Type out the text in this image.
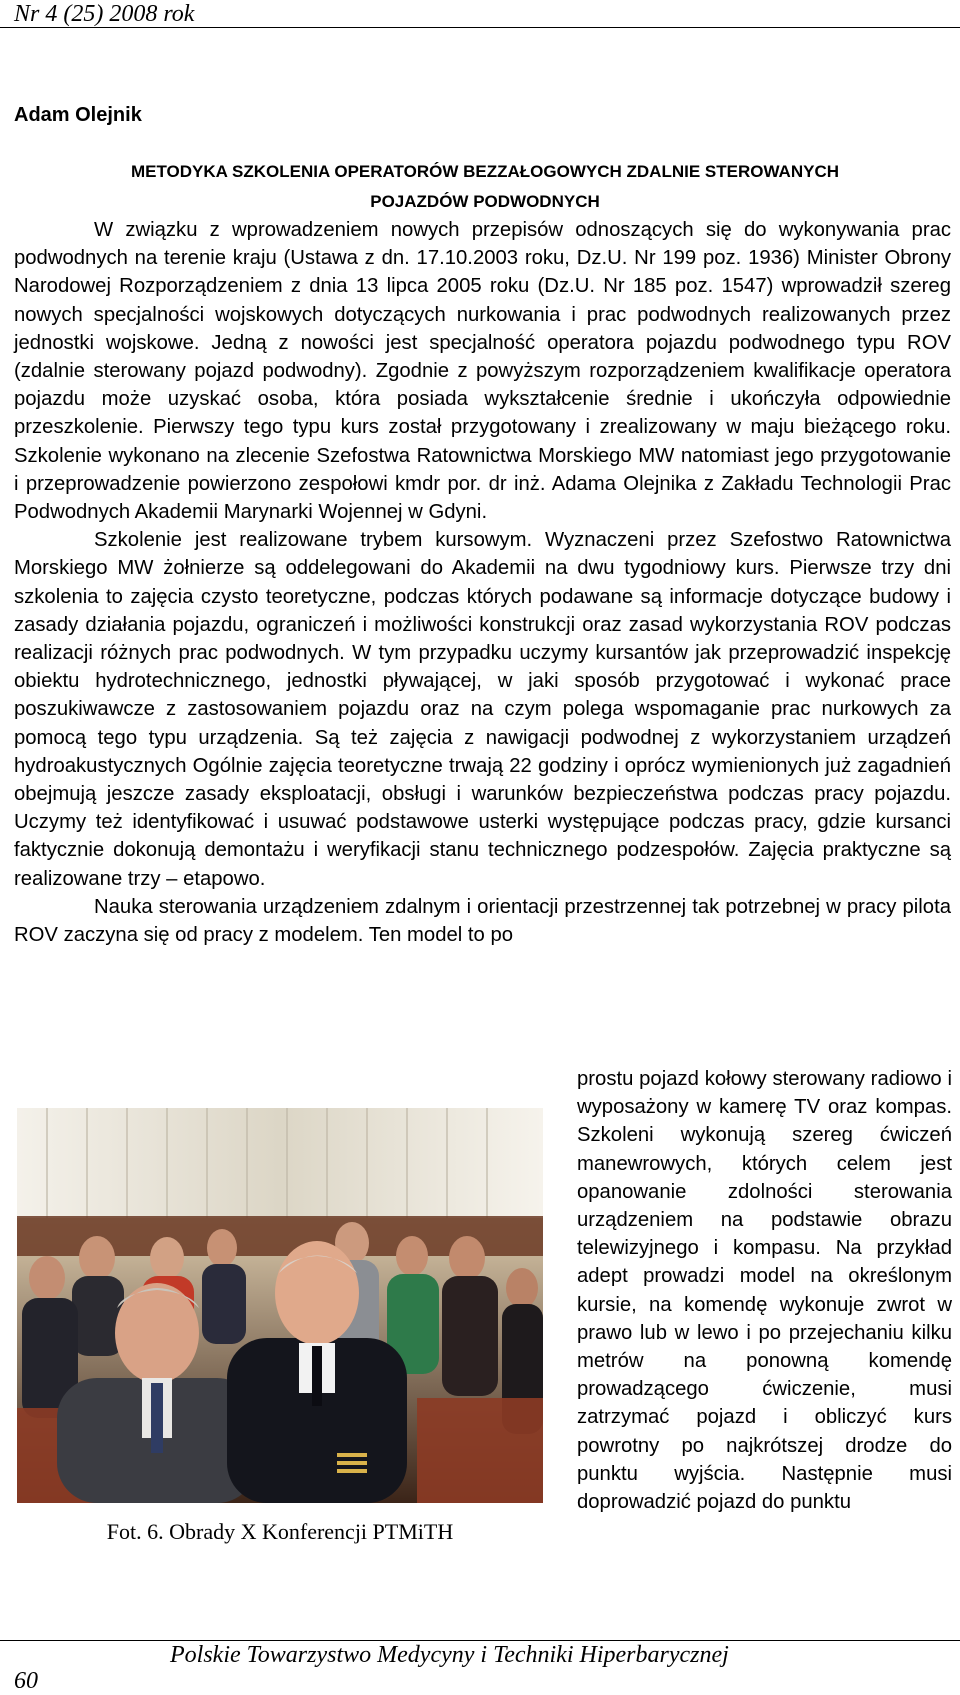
Nr 4 (25) 2008 rok
Adam Olejnik
METODYKA SZKOLENIA OPERATORÓW BEZZAŁOGOWYCH ZDALNIE STEROWANYCH
POJAZDÓW PODWODNYCH

W związku z wprowadzeniem nowych przepisów odnoszących się do wykonywania prac podwodnych na terenie kraju (Ustawa z dn. 17.10.2003 roku, Dz.U. Nr 199 poz. 1936) Minister Obrony Narodowej Rozporządzeniem z dnia 13 lipca 2005 roku (Dz.U. Nr 185 poz. 1547) wprowadził szereg nowych specjalności wojskowych dotyczących nurkowania i prac podwodnych realizowanych przez jednostki wojskowe. Jedną z nowości jest specjalność operatora pojazdu podwodnego typu ROV (zdalnie sterowany pojazd podwodny). Zgodnie z powyższym rozporządzeniem kwalifikacje operatora pojazdu może uzyskać osoba, która posiada wykształcenie średnie i ukończyła odpowiednie przeszkolenie. Pierwszy tego typu kurs został przygotowany i zrealizowany w maju bieżącego roku. Szkolenie wykonano na zlecenie Szefostwa Ratownictwa Morskiego MW natomiast jego przygotowanie i przeprowadzenie powierzono zespołowi kmdr por. dr inż. Adama Olejnika z Zakładu Technologii Prac Podwodnych Akademii Marynarki Wojennej w Gdyni.

Szkolenie jest realizowane trybem kursowym. Wyznaczeni przez Szefostwo Ratownictwa Morskiego MW żołnierze są oddelegowani do Akademii na dwu tygodniowy kurs. Pierwsze trzy dni szkolenia to zajęcia czysto teoretyczne, podczas których podawane są informacje dotyczące budowy i zasady działania pojazdu, ograniczeń i możliwości konstrukcji oraz zasad wykorzystania ROV podczas realizacji różnych prac podwodnych. W tym przypadku uczymy kursantów jak przeprowadzić inspekcję obiektu hydrotechnicznego, jednostki pływającej, w jaki sposób przygotować i wykonać prace poszukiwawcze z zastosowaniem pojazdu oraz na czym polega wspomaganie prac nurkowych za pomocą tego typu urządzenia. Są też zajęcia z nawigacji podwodnej z wykorzystaniem urządzeń hydroakustycznych Ogólnie zajęcia teoretyczne trwają 22 godziny i oprócz wymienionych już zagadnień obejmują jeszcze zasady eksploatacji, obsługi i warunków bezpieczeństwa podczas pracy pojazdu. Uczymy też identyfikować i usuwać podstawowe usterki występujące podczas pracy, gdzie kursanci faktycznie dokonują demontażu i weryfikacji stanu technicznego podzespołów. Zajęcia praktyczne są realizowane trzy – etapowo.

Nauka sterowania urządzeniem zdalnym i orientacji przestrzennej tak potrzebnej w pracy pilota ROV zaczyna się od pracy z modelem. Ten model to po

prostu pojazd kołowy sterowany radiowo i wyposażony w kamerę TV oraz kompas. Szkoleni wykonują szereg ćwiczeń manewrowych, których celem jest opanowanie zdolności sterowania urządzeniem na podstawie obrazu telewizyjnego i kompasu. Na przykład adept prowadzi model na określonym kursie, na komendę wykonuje zwrot w prawo lub w lewo i po przejechaniu kilku metrów na ponowną komendę prowadzącego ćwiczenie, musi zatrzymać pojazd i obliczyć kurs powrotny po najkrótszej drodze do punktu wyjścia. Następnie musi doprowadzić pojazd do punktu
Fot. 6. Obrady X Konferencji PTMiTH
Polskie Towarzystwo Medycyny i Techniki Hiperbarycznej
60
